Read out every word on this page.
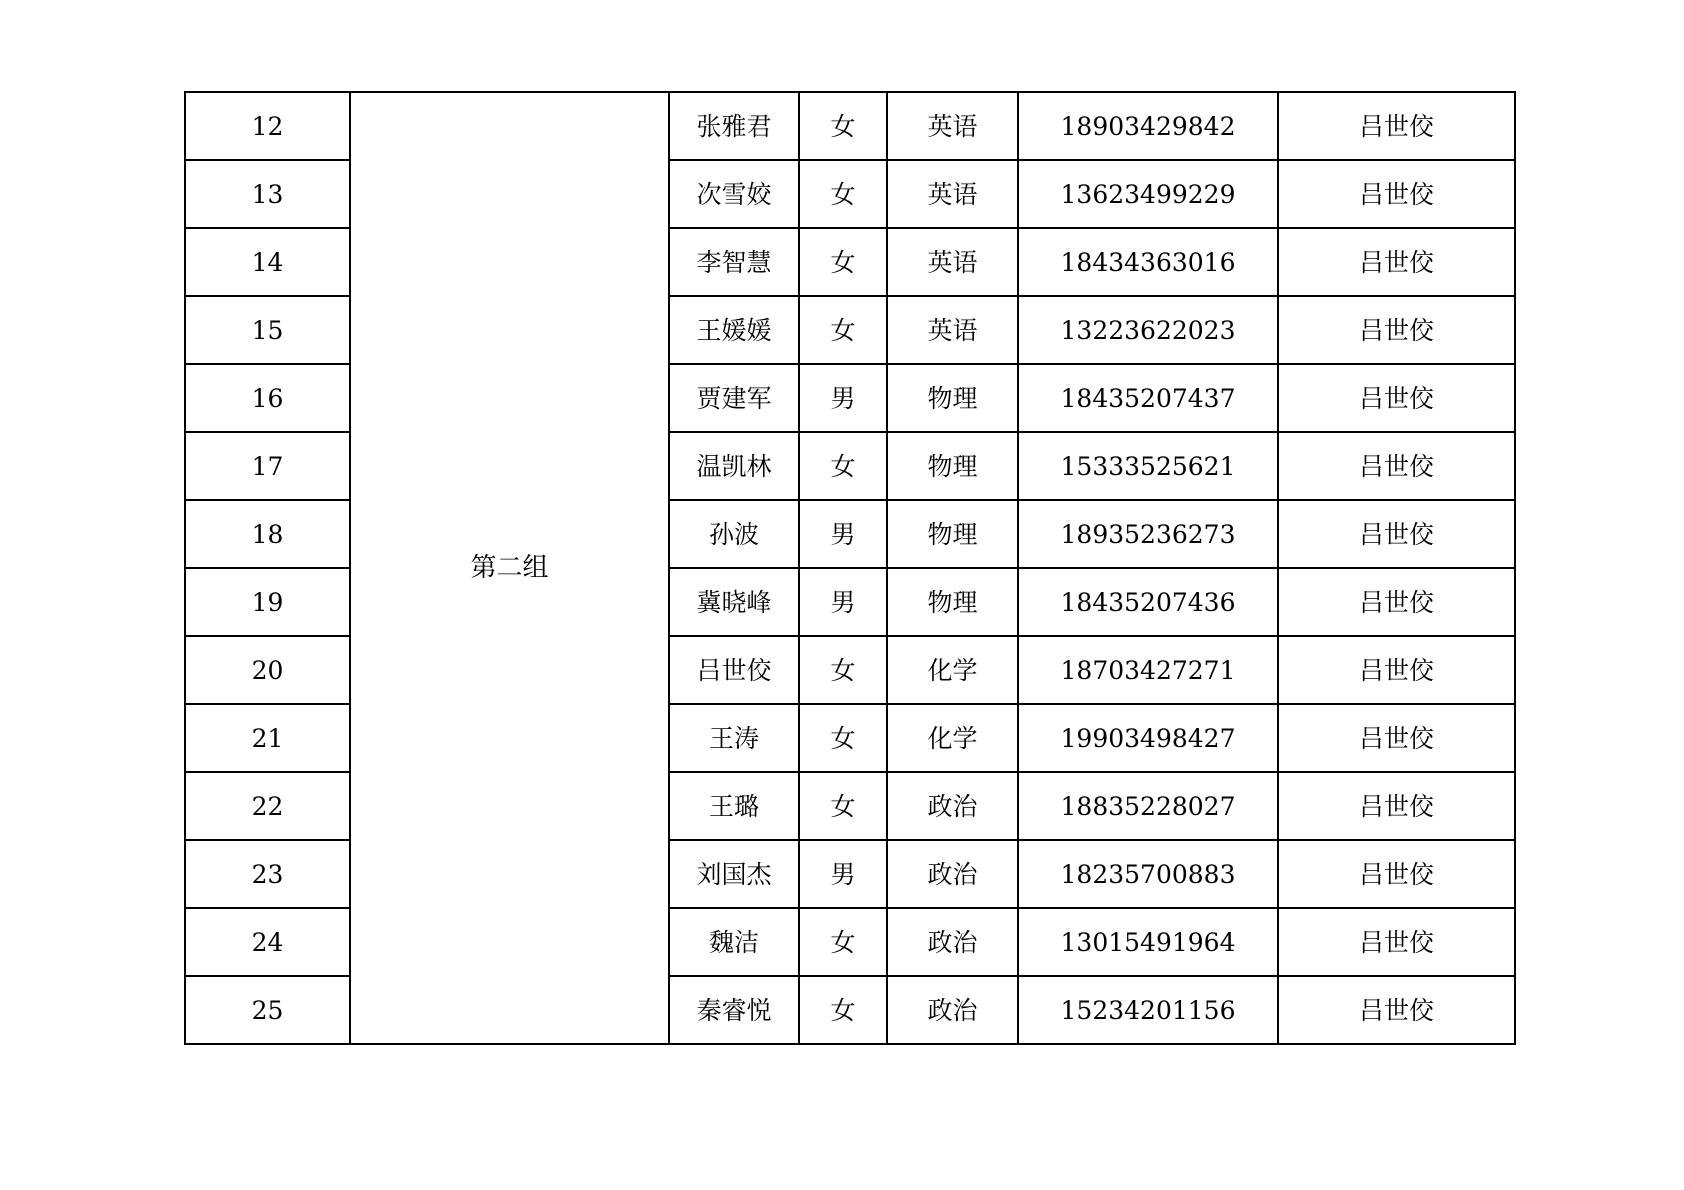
12	第二组	张雅君	女	英语	18903429842	吕世佼
13		次雪姣	女	英语	13623499229	吕世佼
14		李智慧	女	英语	18434363016	吕世佼
15		王媛媛	女	英语	13223622023	吕世佼
16		贾建军	男	物理	18435207437	吕世佼
17		温凯林	女	物理	15333525621	吕世佼
18		孙波	男	物理	18935236273	吕世佼
19		冀晓峰	男	物理	18435207436	吕世佼
20		吕世佼	女	化学	18703427271	吕世佼
21		王涛	女	化学	19903498427	吕世佼
22		王璐	女	政治	18835228027	吕世佼
23		刘国杰	男	政治	18235700883	吕世佼
24		魏洁	女	政治	13015491964	吕世佼
25		秦睿悦	女	政治	15234201156	吕世佼
